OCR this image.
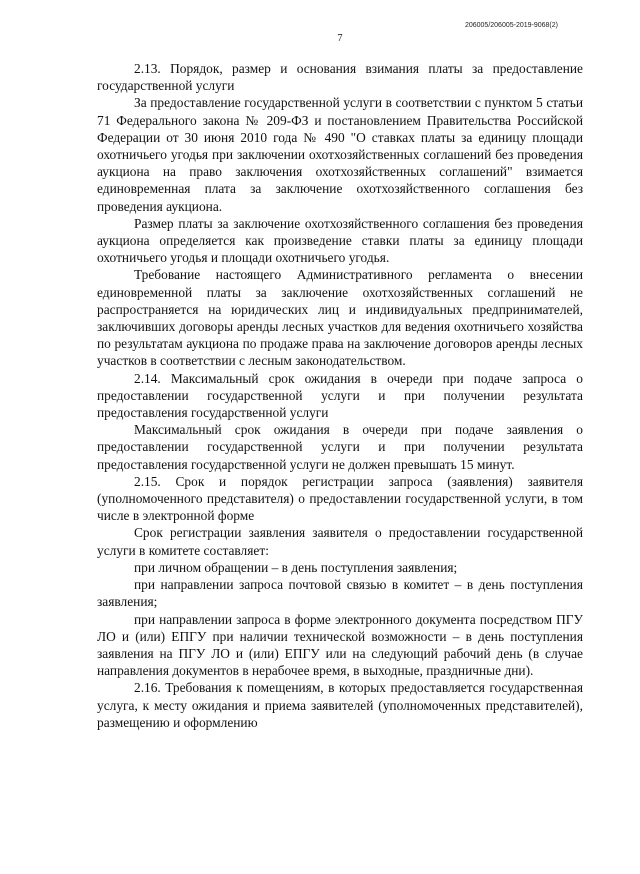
206005/206005-2019-9068(2)
7

2.13. Порядок, размер и основания взимания платы за предоставление государственной услуги

За предоставление государственной услуги в соответствии с пунктом 5 статьи 71 Федерального закона № 209-ФЗ и постановлением Правительства Российской Федерации от 30 июня 2010 года № 490 "О ставках платы за единицу площади охотничьего угодья при заключении охотхозяйственных соглашений без проведения аукциона на право заключения охотхозяйственных соглашений" взимается единовременная плата за заключение охотхозяйственного соглашения без проведения аукциона.

Размер платы за заключение охотхозяйственного соглашения без проведения аукциона определяется как произведение ставки платы за единицу площади охотничьего угодья и площади охотничьего угодья.

Требование настоящего Административного регламента о внесении единовременной платы за заключение охотхозяйственных соглашений не распространяется на юридических лиц и индивидуальных предпринимателей, заключивших договоры аренды лесных участков для ведения охотничьего хозяйства по результатам аукциона по продаже права на заключение договоров аренды лесных участков в соответствии с лесным законодательством.

2.14. Максимальный срок ожидания в очереди при подаче запроса о предоставлении государственной услуги и при получении результата предоставления государственной услуги

Максимальный срок ожидания в очереди при подаче заявления о предоставлении государственной услуги и при получении результата предоставления государственной услуги не должен превышать 15 минут.

2.15. Срок и порядок регистрации запроса (заявления) заявителя (уполномоченного представителя) о предоставлении государственной услуги, в том числе в электронной форме

Срок регистрации заявления заявителя о предоставлении государственной услуги в комитете составляет:

при личном обращении – в день поступления заявления;

при направлении запроса почтовой связью в комитет – в день поступления заявления;

при направлении запроса в форме электронного документа посредством ПГУ ЛО и (или) ЕПГУ при наличии технической возможности – в день поступления заявления на ПГУ ЛО и (или) ЕПГУ или на следующий рабочий день (в случае направления документов в нерабочее время, в выходные, праздничные дни).

2.16. Требования к помещениям, в которых предоставляется государственная услуга, к месту ожидания и приема заявителей (уполномоченных представителей), размещению и оформлению
